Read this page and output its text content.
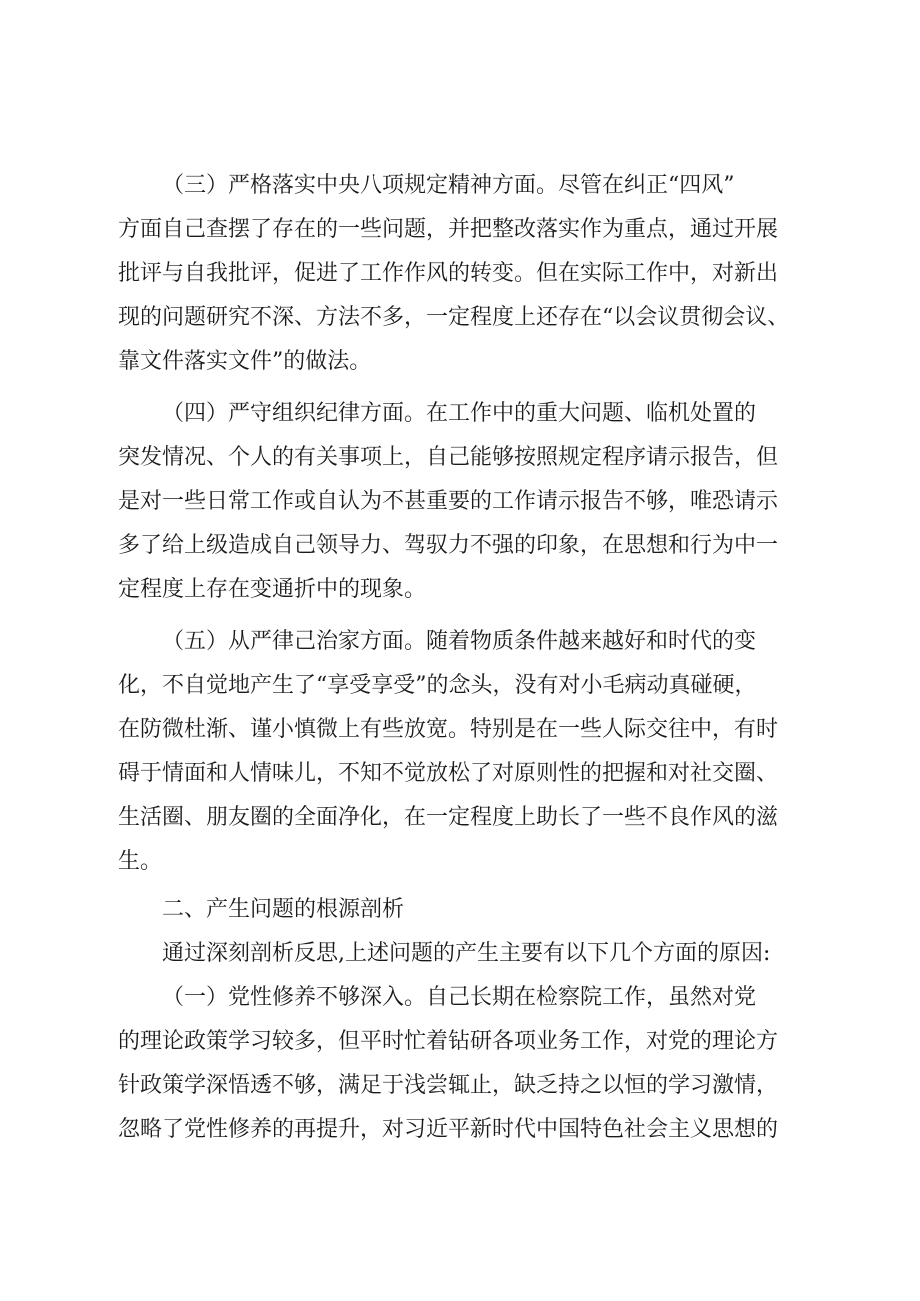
（三）严格落实中央八项规定精神方面。尽管在纠正“四风”
方面自己查摆了存在的一些问题，并把整改落实作为重点，通过开展
批评与自我批评，促进了工作作风的转变。但在实际工作中，对新出
现的问题研究不深、方法不多，一定程度上还存在“以会议贯彻会议、
靠文件落实文件”的做法。
（四）严守组织纪律方面。在工作中的重大问题、临机处置的
突发情况、个人的有关事项上，自己能够按照规定程序请示报告，但
是对一些日常工作或自认为不甚重要的工作请示报告不够，唯恐请示
多了给上级造成自己领导力、驾驭力不强的印象，在思想和行为中一
定程度上存在变通折中的现象。
（五）从严律己治家方面。随着物质条件越来越好和时代的变
化，不自觉地产生了“享受享受”的念头，没有对小毛病动真碰硬，
在防微杜渐、谨小慎微上有些放宽。特别是在一些人际交往中，有时
碍于情面和人情味儿，不知不觉放松了对原则性的把握和对社交圈、
生活圈、朋友圈的全面净化，在一定程度上助长了一些不良作风的滋
生。
二、产生问题的根源剖析
通过深刻剖析反思,上述问题的产生主要有以下几个方面的原因:
（一）党性修养不够深入。自己长期在检察院工作，虽然对党
的理论政策学习较多，但平时忙着钻研各项业务工作，对党的理论方
针政策学深悟透不够，满足于浅尝辄止，缺乏持之以恒的学习激情，
忽略了党性修养的再提升，对习近平新时代中国特色社会主义思想的
